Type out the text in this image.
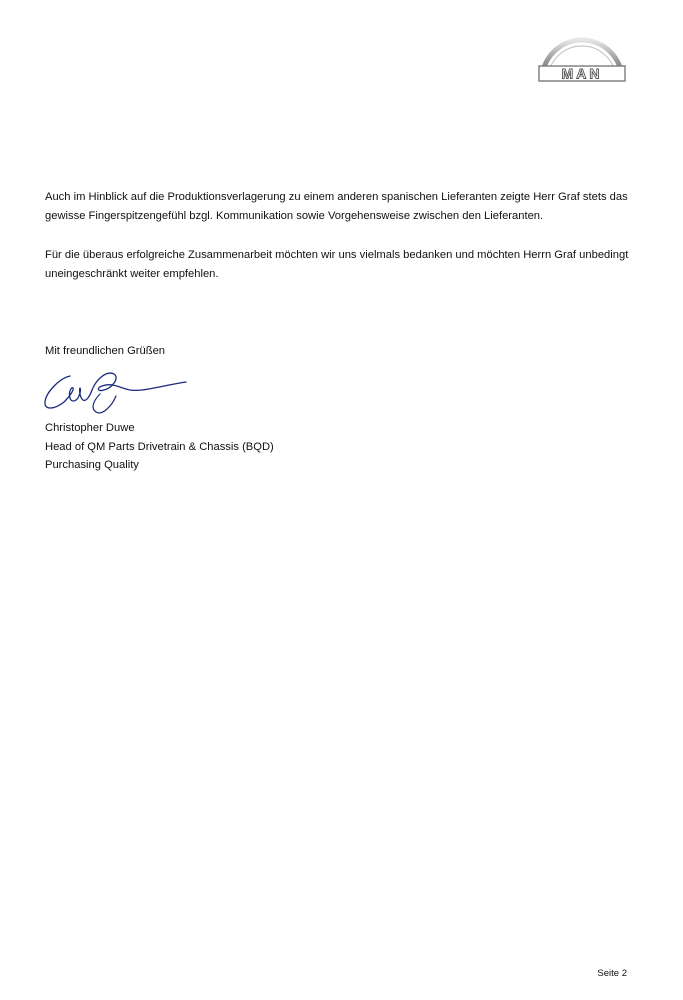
MAN

Auch im Hinblick auf die Produktionsverlagerung zu einem anderen spanischen Lieferanten zeigte Herr Graf stets das
gewisse Fingerspitzengefühl bzgl. Kommunikation sowie Vorgehensweise zwischen den Lieferanten.

Für die überaus erfolgreiche Zusammenarbeit möchten wir uns vielmals bedanken und möchten Herrn Graf unbedingt
uneingeschränkt weiter empfehlen.

Mit freundlichen Grüßen
Christopher Duwe
Head of QM Parts Drivetrain & Chassis (BQD)
Purchasing Quality
Seite 2
